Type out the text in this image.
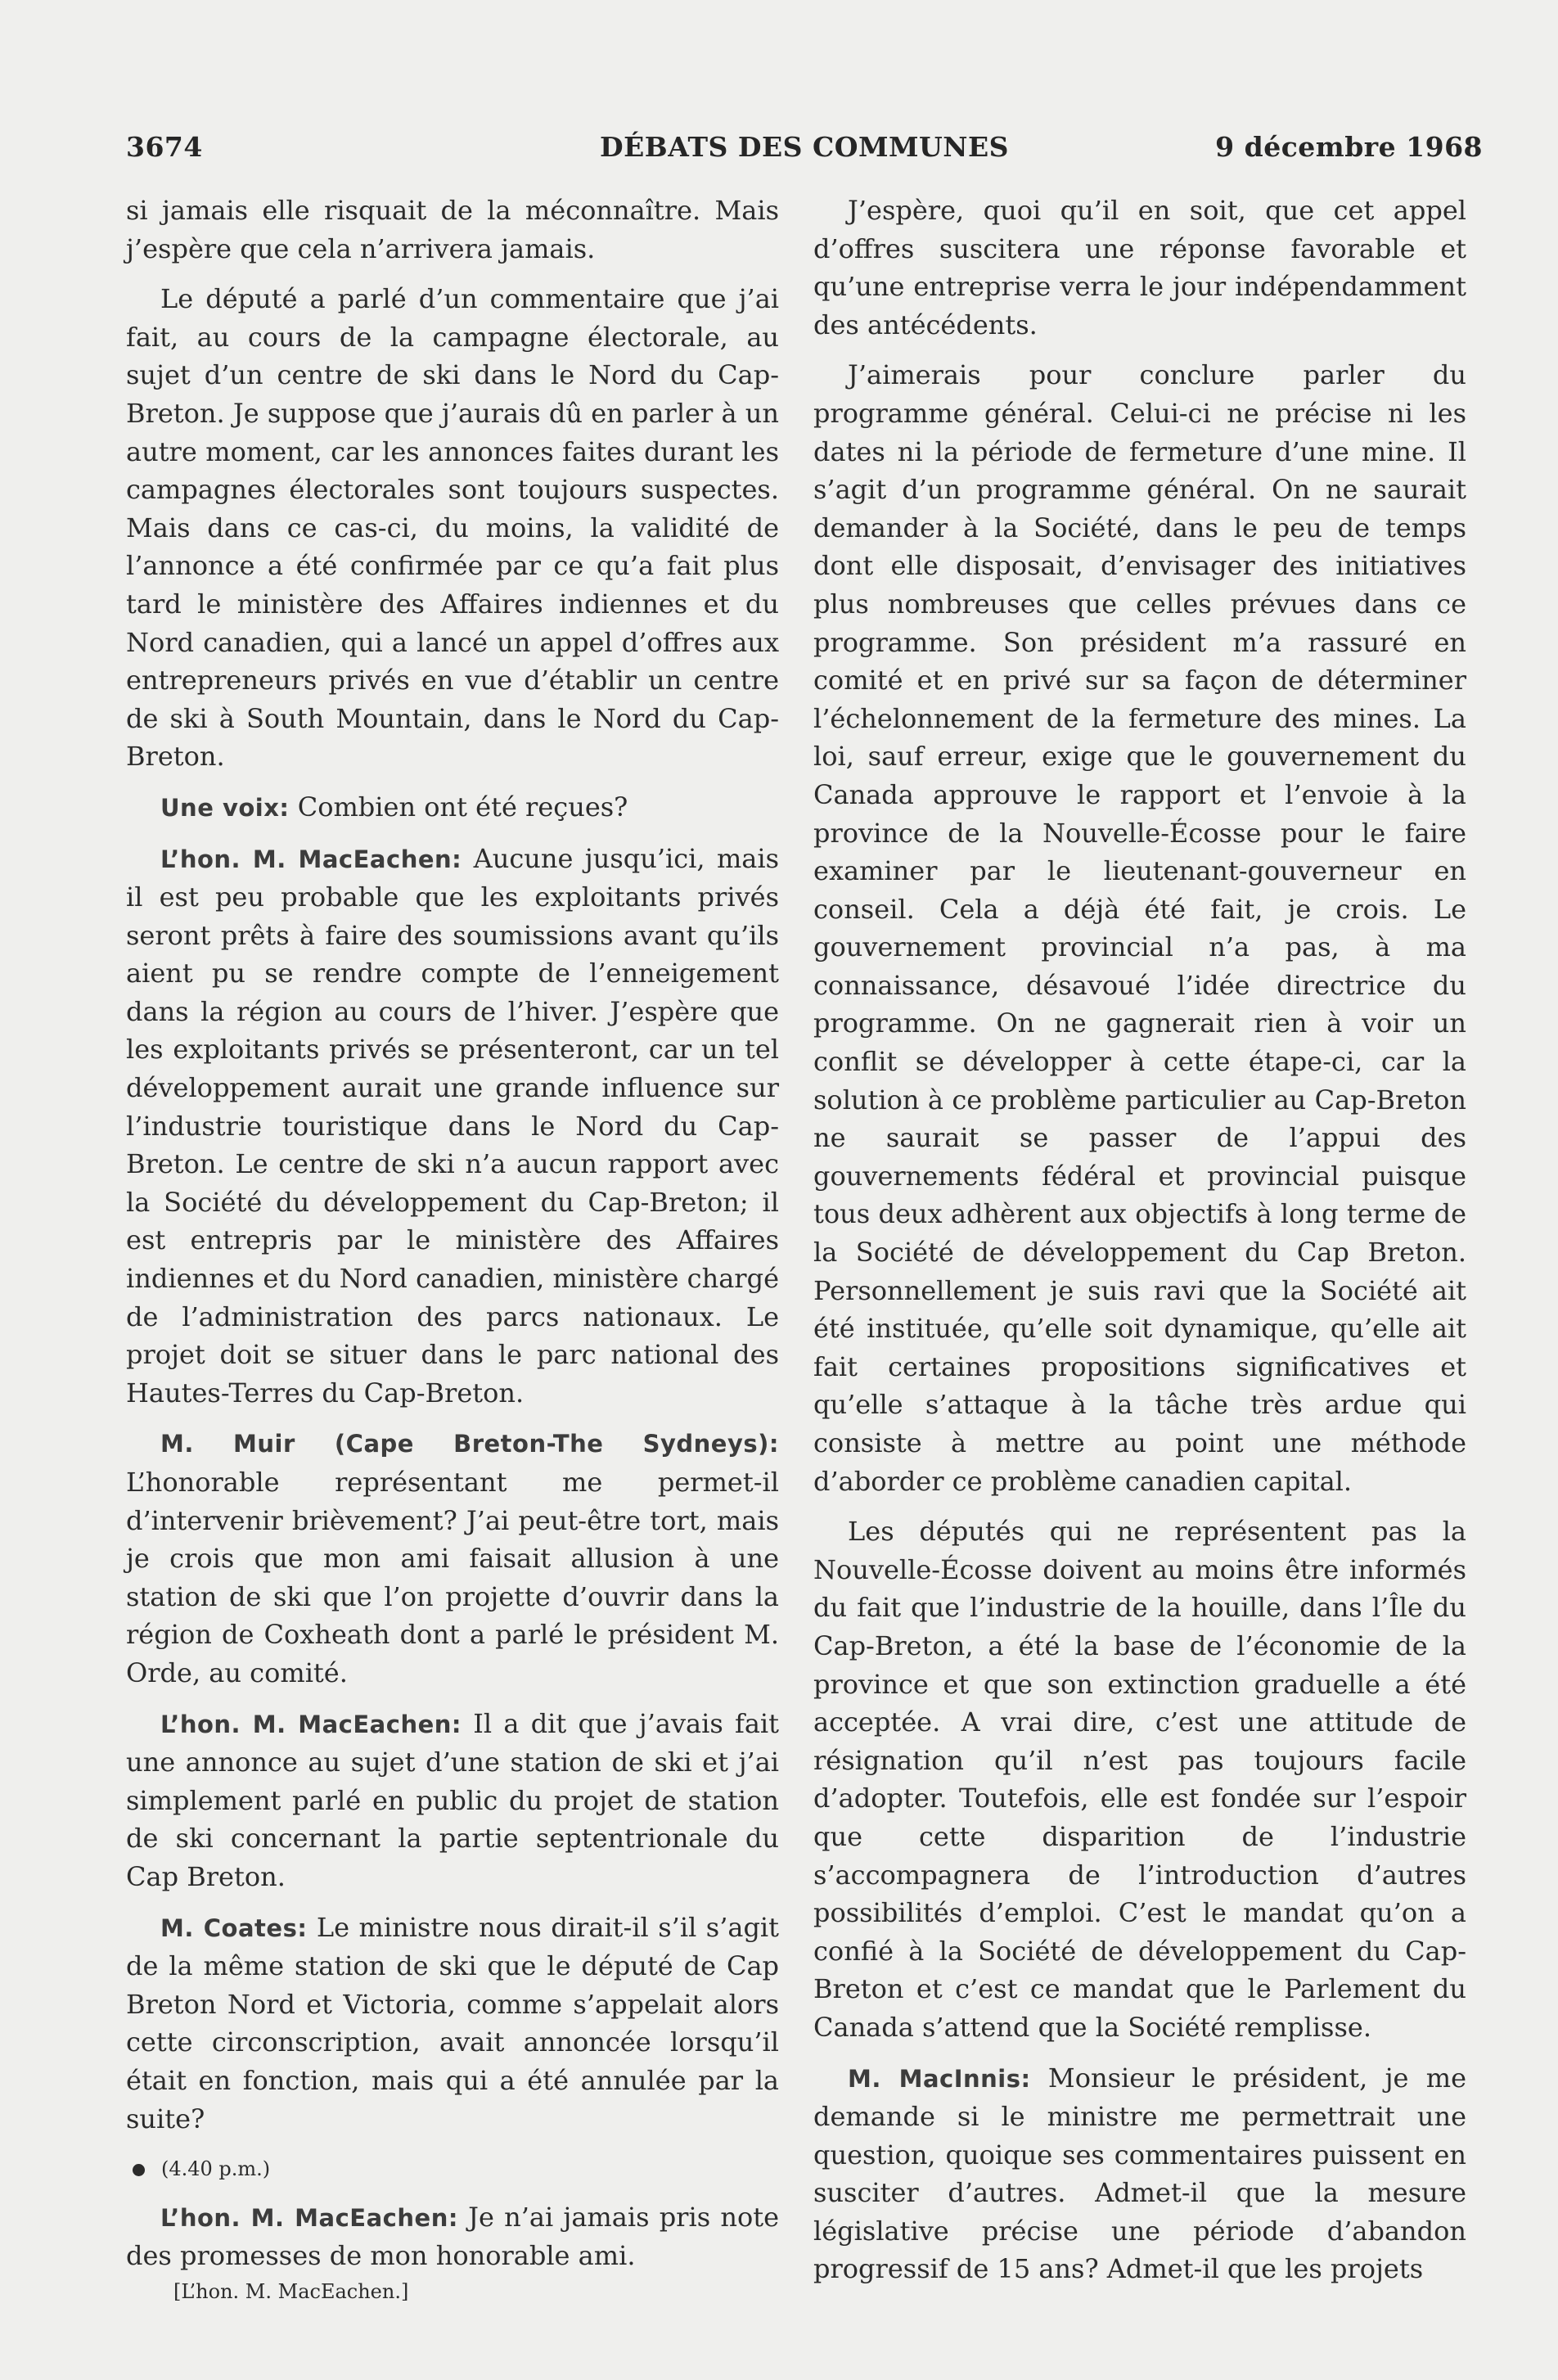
3674	DÉBATS DES COMMUNES	9 décembre 1968

si jamais elle risquait de la méconnaître. Mais j’espère que cela n’arrivera jamais.

Le député a parlé d’un commentaire que j’ai fait, au cours de la campagne électorale, au sujet d’un centre de ski dans le Nord du Cap-Breton. Je suppose que j’aurais dû en parler à un autre moment, car les annonces faites durant les campagnes électorales sont toujours suspectes. Mais dans ce cas-ci, du moins, la validité de l’annonce a été confirmée par ce qu’a fait plus tard le ministère des Affaires indiennes et du Nord canadien, qui a lancé un appel d’offres aux entrepreneurs privés en vue d’établir un centre de ski à South Mountain, dans le Nord du Cap-Breton.

Une voix: Combien ont été reçues?

L’hon. M. MacEachen: Aucune jusqu’ici, mais il est peu probable que les exploitants privés seront prêts à faire des soumissions avant qu’ils aient pu se rendre compte de l’enneigement dans la région au cours de l’hiver. J’espère que les exploitants privés se présenteront, car un tel développement aurait une grande influence sur l’industrie touristique dans le Nord du Cap-Breton. Le centre de ski n’a aucun rapport avec la Société du développement du Cap-Breton; il est entrepris par le ministère des Affaires indiennes et du Nord canadien, ministère chargé de l’administration des parcs nationaux. Le projet doit se situer dans le parc national des Hautes-Terres du Cap-Breton.

M. Muir (Cape Breton-The Sydneys): L’honorable représentant me permet-il d’intervenir brièvement? J’ai peut-être tort, mais je crois que mon ami faisait allusion à une station de ski que l’on projette d’ouvrir dans la région de Coxheath dont a parlé le président M. Orde, au comité.

L’hon. M. MacEachen: Il a dit que j’avais fait une annonce au sujet d’une station de ski et j’ai simplement parlé en public du projet de station de ski concernant la partie septentrionale du Cap Breton.

M. Coates: Le ministre nous dirait-il s’il s’agit de la même station de ski que le député de Cap Breton Nord et Victoria, comme s’appelait alors cette circonscription, avait annoncée lorsqu’il était en fonction, mais qui a été annulée par la suite?

(4.40 p.m.)

L’hon. M. MacEachen: Je n’ai jamais pris note des promesses de mon honorable ami.

[L’hon. M. MacEachen.]

J’espère, quoi qu’il en soit, que cet appel d’offres suscitera une réponse favorable et qu’une entreprise verra le jour indépendamment des antécédents.

J’aimerais pour conclure parler du programme général. Celui-ci ne précise ni les dates ni la période de fermeture d’une mine. Il s’agit d’un programme général. On ne saurait demander à la Société, dans le peu de temps dont elle disposait, d’envisager des initiatives plus nombreuses que celles prévues dans ce programme. Son président m’a rassuré en comité et en privé sur sa façon de déterminer l’échelonnement de la fermeture des mines. La loi, sauf erreur, exige que le gouvernement du Canada approuve le rapport et l’envoie à la province de la Nouvelle-Écosse pour le faire examiner par le lieutenant-gouverneur en conseil. Cela a déjà été fait, je crois. Le gouvernement provincial n’a pas, à ma connaissance, désavoué l’idée directrice du programme. On ne gagnerait rien à voir un conflit se développer à cette étape-ci, car la solution à ce problème particulier au Cap-Breton ne saurait se passer de l’appui des gouvernements fédéral et provincial puisque tous deux adhèrent aux objectifs à long terme de la Société de développement du Cap Breton. Personnellement je suis ravi que la Société ait été instituée, qu’elle soit dynamique, qu’elle ait fait certaines propositions significatives et qu’elle s’attaque à la tâche très ardue qui consiste à mettre au point une méthode d’aborder ce problème canadien capital.

Les députés qui ne représentent pas la Nouvelle-Écosse doivent au moins être informés du fait que l’industrie de la houille, dans l’Île du Cap-Breton, a été la base de l’économie de la province et que son extinction graduelle a été acceptée. A vrai dire, c’est une attitude de résignation qu’il n’est pas toujours facile d’adopter. Toutefois, elle est fondée sur l’espoir que cette disparition de l’industrie s’accompagnera de l’introduction d’autres possibilités d’emploi. C’est le mandat qu’on a confié à la Société de développement du Cap-Breton et c’est ce mandat que le Parlement du Canada s’attend que la Société remplisse.

M. MacInnis: Monsieur le président, je me demande si le ministre me permettrait une question, quoique ses commentaires puissent en susciter d’autres. Admet-il que la mesure législative précise une période d’abandon progressif de 15 ans? Admet-il que les projets
